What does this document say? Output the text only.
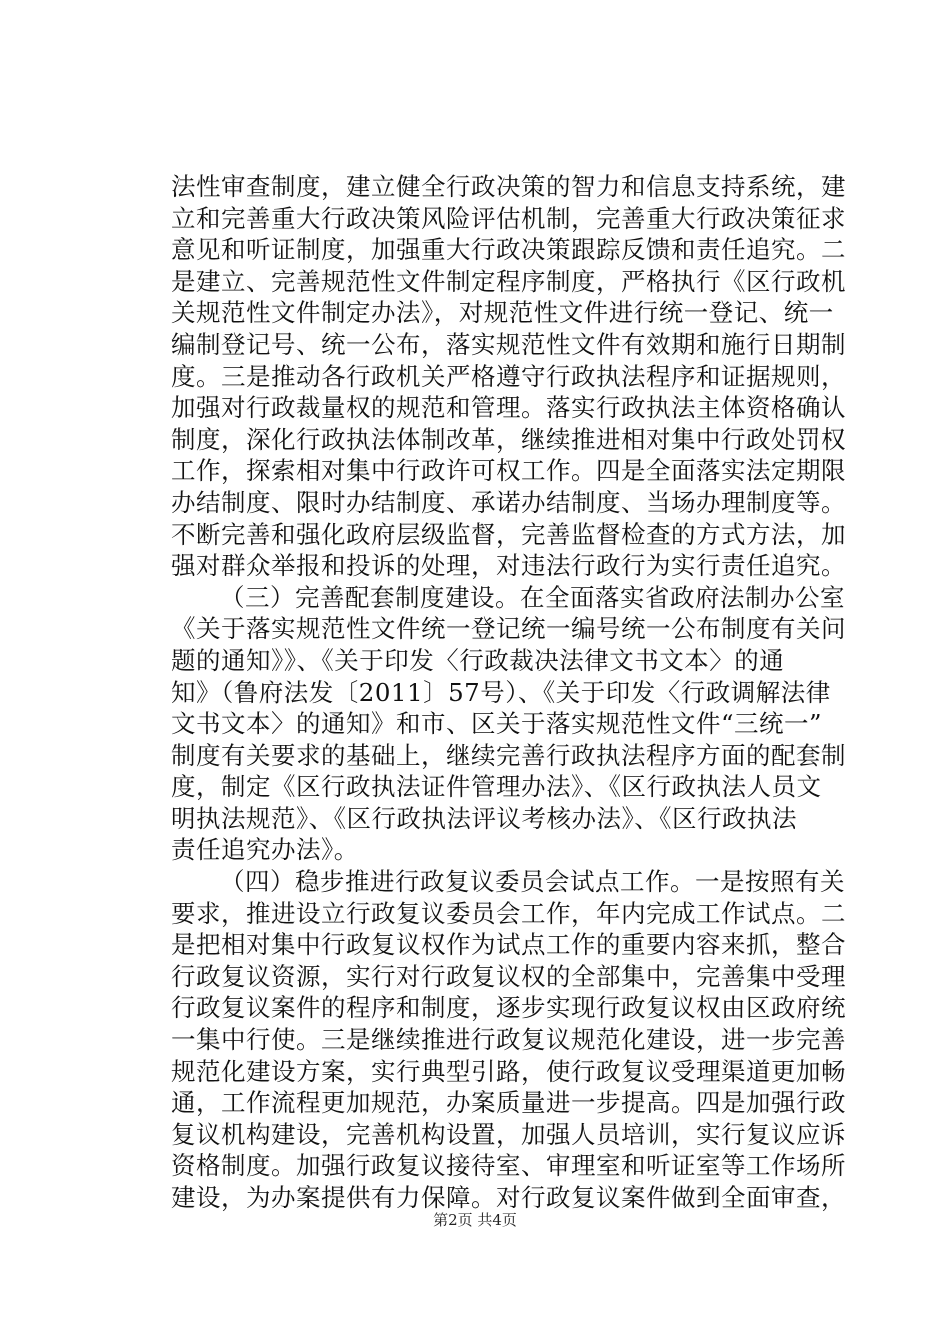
法性审查制度，建立健全行政决策的智力和信息支持系统，建
立和完善重大行政决策风险评估机制，完善重大行政决策征求
意见和听证制度，加强重大行政决策跟踪反馈和责任追究。二
是建立、完善规范性文件制定程序制度，严格执行《区行政机
关规范性文件制定办法》，对规范性文件进行统一登记、统一
编制登记号、统一公布，落实规范性文件有效期和施行日期制
度。三是推动各行政机关严格遵守行政执法程序和证据规则，
加强对行政裁量权的规范和管理。落实行政执法主体资格确认
制度，深化行政执法体制改革，继续推进相对集中行政处罚权
工作，探索相对集中行政许可权工作。四是全面落实法定期限
办结制度、限时办结制度、承诺办结制度、当场办理制度等。
不断完善和强化政府层级监督，完善监督检查的方式方法，加
强对群众举报和投诉的处理，对违法行政行为实行责任追究。
（三）完善配套制度建设。在全面落实省政府法制办公室
《关于落实规范性文件统一登记统一编号统一公布制度有关问
题的通知》》、《关于印发〈行政裁决法律文书文本〉的通
知》（鲁府法发〔2011〕57号）、《关于印发〈行政调解法律
文书文本〉的通知》和市、区关于落实规范性文件“三统一”
制度有关要求的基础上，继续完善行政执法程序方面的配套制
度，制定《区行政执法证件管理办法》、《区行政执法人员文
明执法规范》、《区行政执法评议考核办法》、《区行政执法
责任追究办法》。
（四）稳步推进行政复议委员会试点工作。一是按照有关
要求，推进设立行政复议委员会工作，年内完成工作试点。二
是把相对集中行政复议权作为试点工作的重要内容来抓，整合
行政复议资源，实行对行政复议权的全部集中，完善集中受理
行政复议案件的程序和制度，逐步实现行政复议权由区政府统
一集中行使。三是继续推进行政复议规范化建设，进一步完善
规范化建设方案，实行典型引路，使行政复议受理渠道更加畅
通，工作流程更加规范，办案质量进一步提高。四是加强行政
复议机构建设，完善机构设置，加强人员培训，实行复议应诉
资格制度。加强行政复议接待室、审理室和听证室等工作场所
建设，为办案提供有力保障。对行政复议案件做到全面审查，
第2页 共4页
